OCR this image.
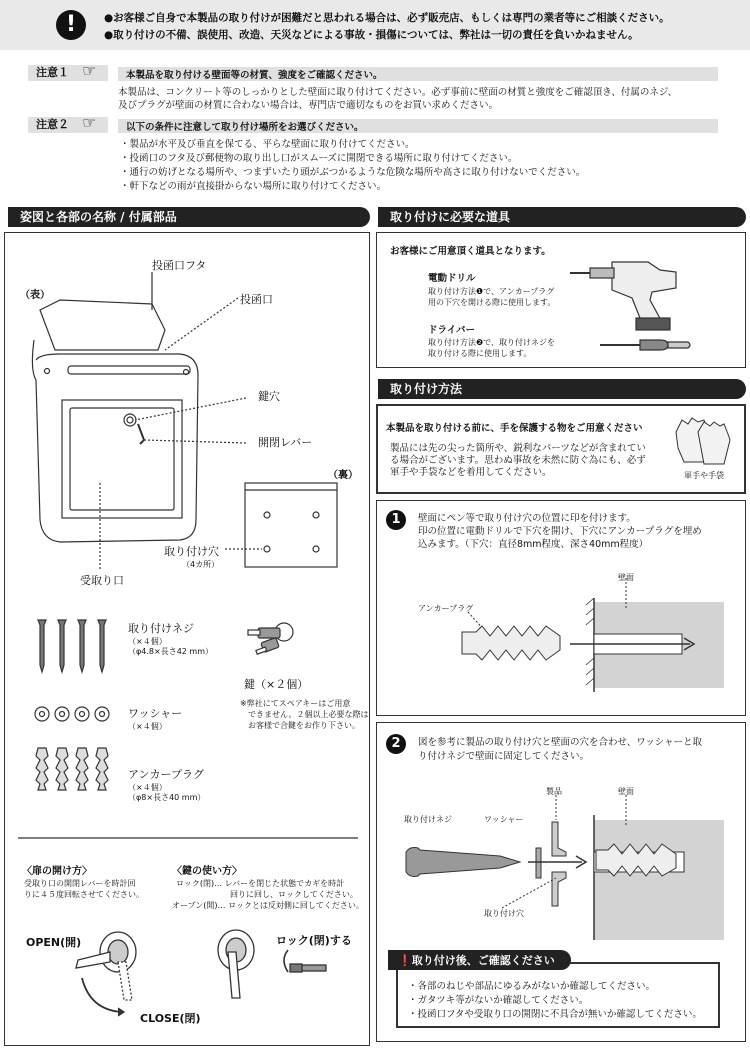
!	●お客様ご自身で本製品の取り付けが困難だと思われる場合は、必ず販売店、もしくは専門の業者等にご相談ください。
●取り付けの不備、誤使用、改造、天災などによる事故・損傷については、弊社は一切の責任を負いかねません。
注意１ ☞	本製品を取り付ける壁面等の材質、強度をご確認ください。
本製品は、コンクリート等のしっかりとした壁面に取り付けてください。必ず事前に壁面の材質と強度をご確認頂き、付属のネジ、
及びプラグが壁面の材質に合わない場合は、専門店で適切なものをお買い求めください。
注意２ ☞	以下の条件に注意して取り付け場所をお選びください。
・製品が水平及び垂直を保てる、平らな壁面に取り付けてください。
・投函口のフタ及び郵便物の取り出し口がスムーズに開閉できる場所に取り付けてください。
・通行の妨げとなる場所や、つまずいたり頭がぶつかるような危険な場所や高さに取り付けないでください。
・軒下などの雨が直接掛からない場所に取り付けてください。
姿図と各部の名称 / 付属部品
（表）
投函口フタ
投函口
鍵穴
開閉レバー
（裏）
取り付け穴
（4カ所）
受取り口
取り付けネジ
（×４個）
（φ4.8×長さ42 mm）
鍵（×２個）
※弊社にてスペアキーはご用意
できません。２個以上必要な際は
お客様で合鍵をお作り下さい。
ワッシャー
（×４個）
アンカープラグ
（×４個）
（φ8×長さ40 mm）
〈扉の開け方〉
受取り口の開閉レバーを時計回
りに４５度回転させてください。
〈鍵の使い方〉
ロック(閉)… レバーを閉じた状態でカギを時計
回りに回し、ロックしてください。
オープン(開)… ロックとは反対側に回してください。
OPEN(開)
CLOSE(閉)
ロック(閉)する
取り付けに必要な道具
お客様にご用意頂く道具となります。
電動ドリル
取り付け方法❶で、アンカープラグ
用の下穴を開ける際に使用します。
ドライバー
取り付け方法❷で、取り付けネジを
取り付ける際に使用します。
取り付け方法
本製品を取り付ける前に、手を保護する物をご用意ください
製品には先の尖った箇所や、鋭利なパーツなどが含まれてい
る場合がございます。思わぬ事故を未然に防ぐ為にも、必ず
軍手や手袋などを着用してください。	軍手や手袋
1	壁面にペン等で取り付け穴の位置に印を付けます。
印の位置に電動ドリルで下穴を開け、下穴にアンカープラグを埋め
込みます。（下穴：直径8mm程度、深さ40mm程度）
壁面
アンカープラグ
2	図を参考に製品の取り付け穴と壁面の穴を合わせ、ワッシャーと取
り付けネジで壁面に固定してください。
製品	壁面
取り付けネジ	ワッシャー
取り付け穴
❗取り付け後、ご確認ください
・各部のねじや部品にゆるみがないか確認してください。
・ガタツキ等がないか確認してください。
・投函口フタや受取り口の開閉に不具合が無いか確認してください。
